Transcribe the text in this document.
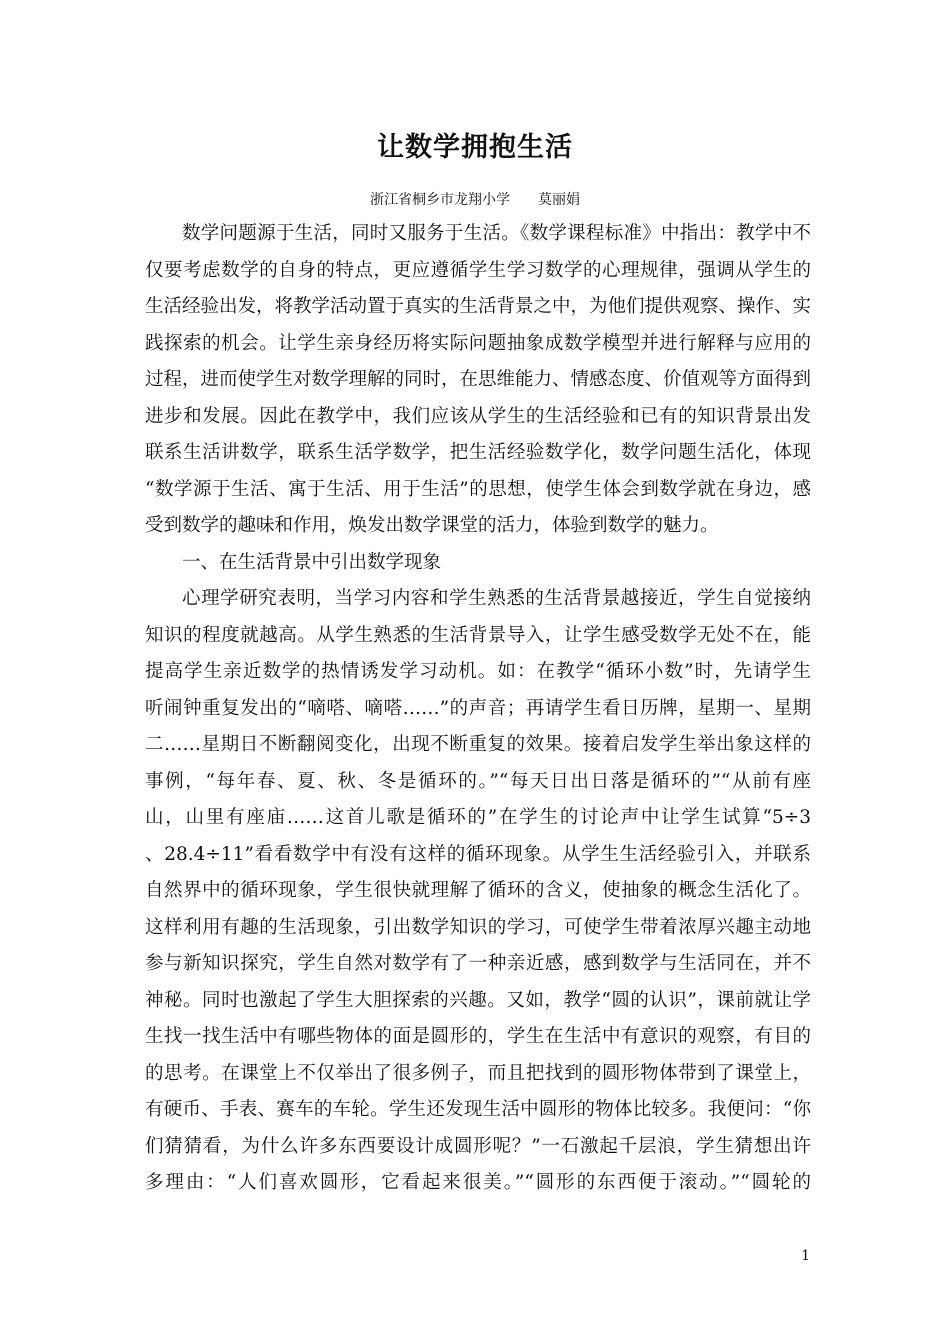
让数学拥抱生活
浙江省桐乡市龙翔小学 莫丽娟
数学问题源于生活，同时又服务于生活。《数学课程标准》中指出：教学中不
仅要考虑数学的自身的特点，更应遵循学生学习数学的心理规律，强调从学生的
生活经验出发，将教学活动置于真实的生活背景之中，为他们提供观察、操作、实
践探索的机会。让学生亲身经历将实际问题抽象成数学模型并进行解释与应用的
过程，进而使学生对数学理解的同时，在思维能力、情感态度、价值观等方面得到
进步和发展。因此在教学中，我们应该从学生的生活经验和已有的知识背景出发
联系生活讲数学，联系生活学数学，把生活经验数学化，数学问题生活化，体现
“数学源于生活、寓于生活、用于生活”的思想，使学生体会到数学就在身边，感
受到数学的趣味和作用，焕发出数学课堂的活力，体验到数学的魅力。
一、在生活背景中引出数学现象
心理学研究表明，当学习内容和学生熟悉的生活背景越接近，学生自觉接纳
知识的程度就越高。从学生熟悉的生活背景导入，让学生感受数学无处不在，能
提高学生亲近数学的热情诱发学习动机。如：在教学“循环小数”时，先请学生
听闹钟重复发出的“嘀嗒、嘀嗒……”的声音；再请学生看日历牌，星期一、星期
二……星期日不断翻阅变化，出现不断重复的效果。接着启发学生举出象这样的
事例，“每年春、夏、秋、冬是循环的。”“每天日出日落是循环的”“从前有座
山，山里有座庙……这首儿歌是循环的”在学生的讨论声中让学生试算“5÷3
、28.4÷11”看看数学中有没有这样的循环现象。从学生生活经验引入，并联系
自然界中的循环现象，学生很快就理解了循环的含义，使抽象的概念生活化了。
这样利用有趣的生活现象，引出数学知识的学习，可使学生带着浓厚兴趣主动地
参与新知识探究，学生自然对数学有了一种亲近感，感到数学与生活同在，并不
神秘。同时也激起了学生大胆探索的兴趣。又如，教学“圆的认识”，课前就让学
生找一找生活中有哪些物体的面是圆形的，学生在生活中有意识的观察，有目的
的思考。在课堂上不仅举出了很多例子，而且把找到的圆形物体带到了课堂上，
有硬币、手表、赛车的车轮。学生还发现生活中圆形的物体比较多。我便问：“你
们猜猜看，为什么许多东西要设计成圆形呢？”一石激起千层浪，学生猜想出许
多理由：“人们喜欢圆形，它看起来很美。”“圆形的东西便于滚动。”“圆轮的
1
